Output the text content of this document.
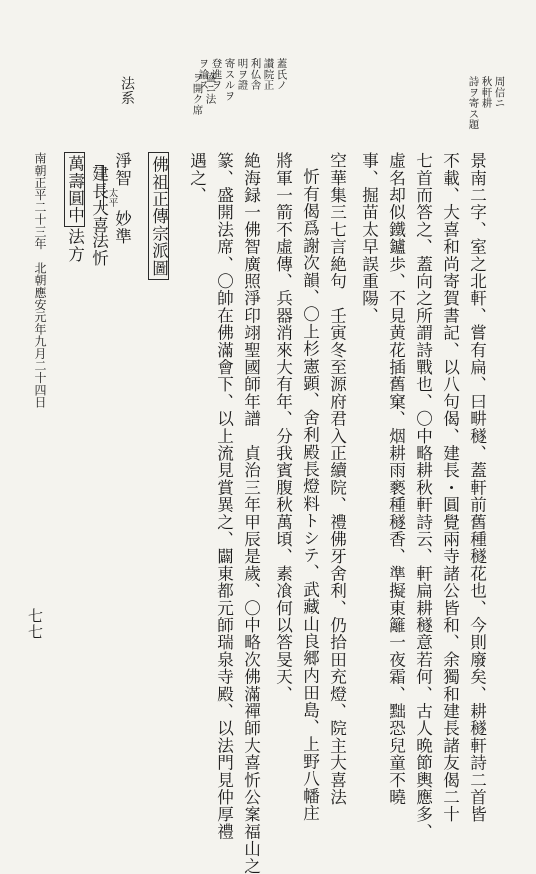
七七
周信ニ
秋軒耕
詩ヲ寄ス題
蓋氏ノ
讃院正
利仏舎
明ヲ證
寄スルヲ
登進ヲ
ヲ諭ス
盛ニ法
ヲ開ク席
法系
景南二字、室之北軒、嘗有扁、曰畊穟、蓋軒前舊種穟花也、今則廢矣、耕穟軒詩二首皆
不載、大喜和尚寄賀書記、以八句偈、建長・圓覺兩寺諸公皆和、余獨和建長諸友偈二十
七首而答之、蓋向之所謂詩戰也、〇中略耕秋軒詩云、軒扁耕穟意若何、古人晩節輿應多、
虛名却似鐵鑪歩、不見黄花插舊窠、烟耕雨褻種穟香、準擬東籬一夜霜、黜恐兒童不曉
事、掘苗太早誤重陽、
空華集三七言絶句　壬寅冬至源府君入正續院、禮佛牙舍利、仍拾田充燈、院主大喜法
忻有偈爲謝次韻、〇上杉憲顕、舍利殿長燈料トシテ、武藏山良郷内田島、上野八幡庄
將軍一箭不虛傳、兵器消來大有年、分我賓腹秋萬頃、素飡何以答旻天、
絶海録一佛智廣照淨印翊聖國師年譜　貞治三年甲辰是歲、〇中略次佛滿禪師大喜忻公䅁福山之
篆、盛開法席、〇帥在佛滿會下、以上流見賞異之、闢東都元師瑞泉寺殿、以法門見仲厚禮
遇之、
佛祖正傳宗派圖
淨智
太平
妙準
建長大喜
法忻
萬壽圓中
法方
南朝正平二十三年　北朝應安元年九月二十四日
